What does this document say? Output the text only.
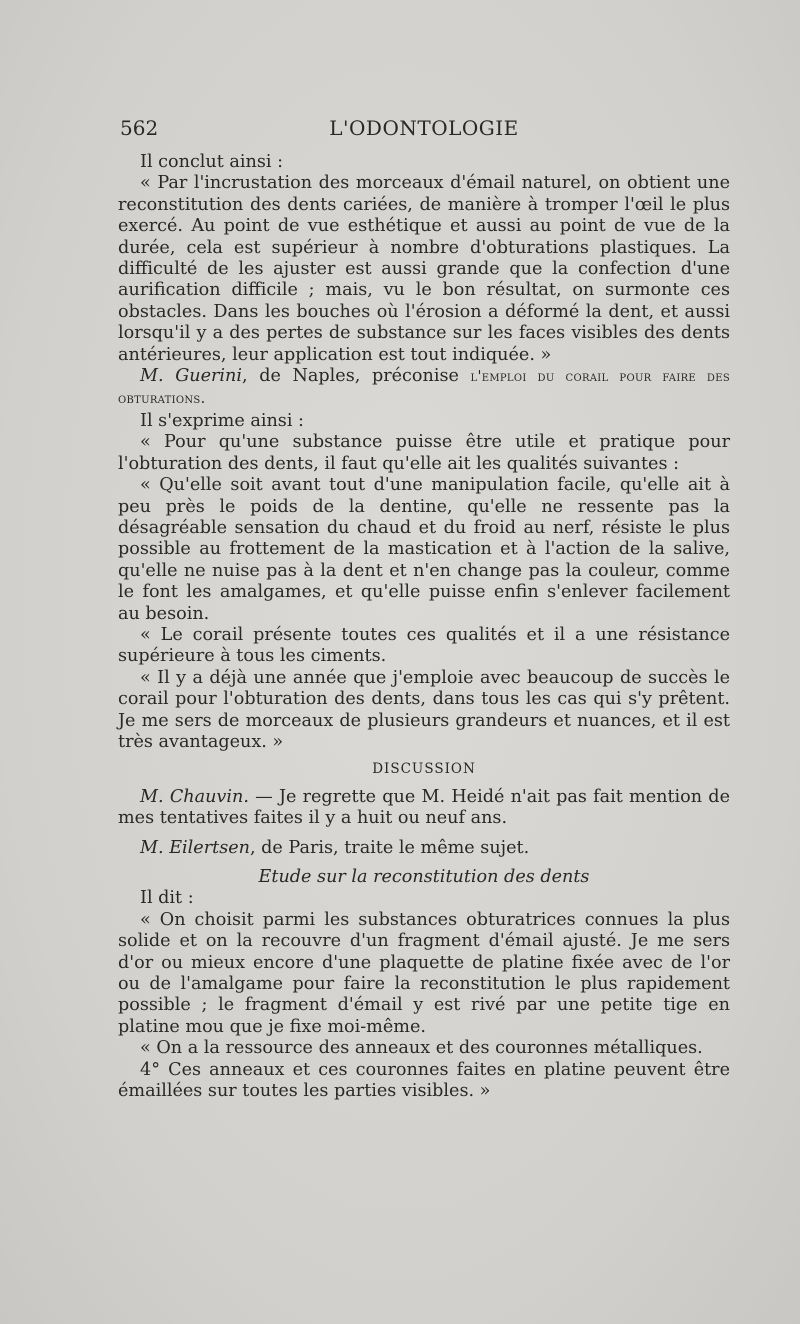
562	L'ODONTOLOGIE

Il conclut ainsi :

« Par l'incrustation des morceaux d'émail naturel, on obtient une reconstitution des dents cariées, de manière à tromper l'œil le plus exercé. Au point de vue esthétique et aussi au point de vue de la durée, cela est supérieur à nombre d'obturations plastiques. La difficulté de les ajuster est aussi grande que la confection d'une aurification difficile ; mais, vu le bon résultat, on surmonte ces obstacles. Dans les bouches où l'érosion a déformé la dent, et aussi lorsqu'il y a des pertes de substance sur les faces visibles des dents antérieures, leur application est tout indiquée. »

M. Guerini, de Naples, préconise l'emploi du corail pour faire des obturations.

Il s'exprime ainsi :

« Pour qu'une substance puisse être utile et pratique pour l'obturation des dents, il faut qu'elle ait les qualités suivantes :

« Qu'elle soit avant tout d'une manipulation facile, qu'elle ait à peu près le poids de la dentine, qu'elle ne ressente pas la désagréable sensation du chaud et du froid au nerf, résiste le plus possible au frottement de la mastication et à l'action de la salive, qu'elle ne nuise pas à la dent et n'en change pas la couleur, comme le font les amalgames, et qu'elle puisse enfin s'enlever facilement au besoin.

« Le corail présente toutes ces qualités et il a une résistance supérieure à tous les ciments.

« Il y a déjà une année que j'emploie avec beaucoup de succès le corail pour l'obturation des dents, dans tous les cas qui s'y prêtent. Je me sers de morceaux de plusieurs grandeurs et nuances, et il est très avantageux. »

DISCUSSION

M. Chauvin. — Je regrette que M. Heidé n'ait pas fait mention de mes tentatives faites il y a huit ou neuf ans.

M. Eilertsen, de Paris, traite le même sujet.

Etude sur la reconstitution des dents

Il dit :

« On choisit parmi les substances obturatrices connues la plus solide et on la recouvre d'un fragment d'émail ajusté. Je me sers d'or ou mieux encore d'une plaquette de platine fixée avec de l'or ou de l'amalgame pour faire la reconstitution le plus rapidement possible ; le fragment d'émail y est rivé par une petite tige en platine mou que je fixe moi-même.

« On a la ressource des anneaux et des couronnes métalliques.

4° Ces anneaux et ces couronnes faites en platine peuvent être émaillées sur toutes les parties visibles. »
